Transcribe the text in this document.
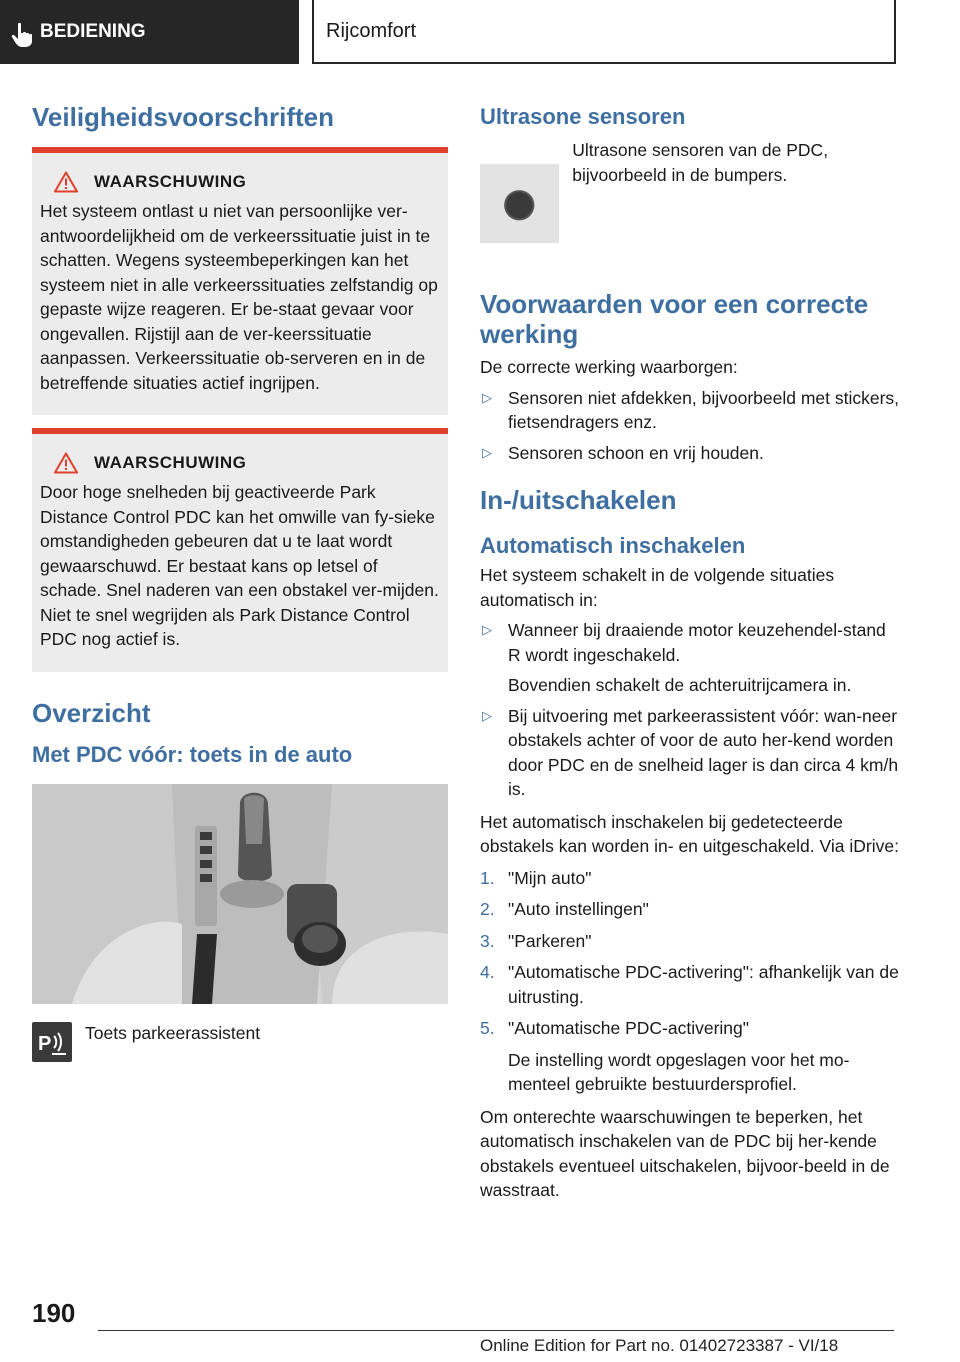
BEDIENING	Rijcomfort
Veiligheidsvoorschriften
WAARSCHUWING

Het systeem ontlast u niet van persoonlijke ver-antwoordelijkheid om de verkeerssituatie juist in te schatten. Wegens systeembeperkingen kan het systeem niet in alle verkeerssituaties zelfstandig op gepaste wijze reageren. Er be-staat gevaar voor ongevallen. Rijstijl aan de ver-keerssituatie aanpassen. Verkeerssituatie ob-serveren en in de betreffende situaties actief ingrijpen.

WAARSCHUWING

Door hoge snelheden bij geactiveerde Park Distance Control PDC kan het omwille van fy-sieke omstandigheden gebeuren dat u te laat wordt gewaarschuwd. Er bestaat kans op letsel of schade. Snel naderen van een obstakel ver-mijden. Niet te snel wegrijden als Park Distance Control PDC nog actief is.

Overzicht
Met PDC vóór: toets in de auto
P Toets parkeerassistent
Ultrasone sensoren

Ultrasone sensoren van de PDC, bijvoorbeeld in de bumpers.

Voorwaarden voor een correcte werking

De correcte werking waarborgen:

▷ Sensoren niet afdekken, bijvoorbeeld met stickers, fietsendragers enz.
▷ Sensoren schoon en vrij houden.
In-/uitschakelen
Automatisch inschakelen

Het systeem schakelt in de volgende situaties automatisch in:

▷ Wanneer bij draaiende motor keuzehendel-stand R wordt ingeschakeld.
Bovendien schakelt de achteruitrijcamera in.
▷ Bij uitvoering met parkeerassistent vóór: wan-neer obstakels achter of voor de auto her-kend worden door PDC en de snelheid lager is dan circa 4 km/h is.

Het automatisch inschakelen bij gedetecteerde obstakels kan worden in- en uitgeschakeld. Via iDrive:

1. "Mijn auto"
2. "Auto instellingen"
3. "Parkeren"
4. "Automatische PDC-activering": afhankelijk van de uitrusting.
5. "Automatische PDC-activering"
De instelling wordt opgeslagen voor het mo-menteel gebruikte bestuurdersprofiel.

Om onterechte waarschuwingen te beperken, het automatisch inschakelen van de PDC bij her-kende obstakels eventueel uitschakelen, bijvoor-beeld in de wasstraat.

190
Online Edition for Part no. 01402723387 - VI/18
